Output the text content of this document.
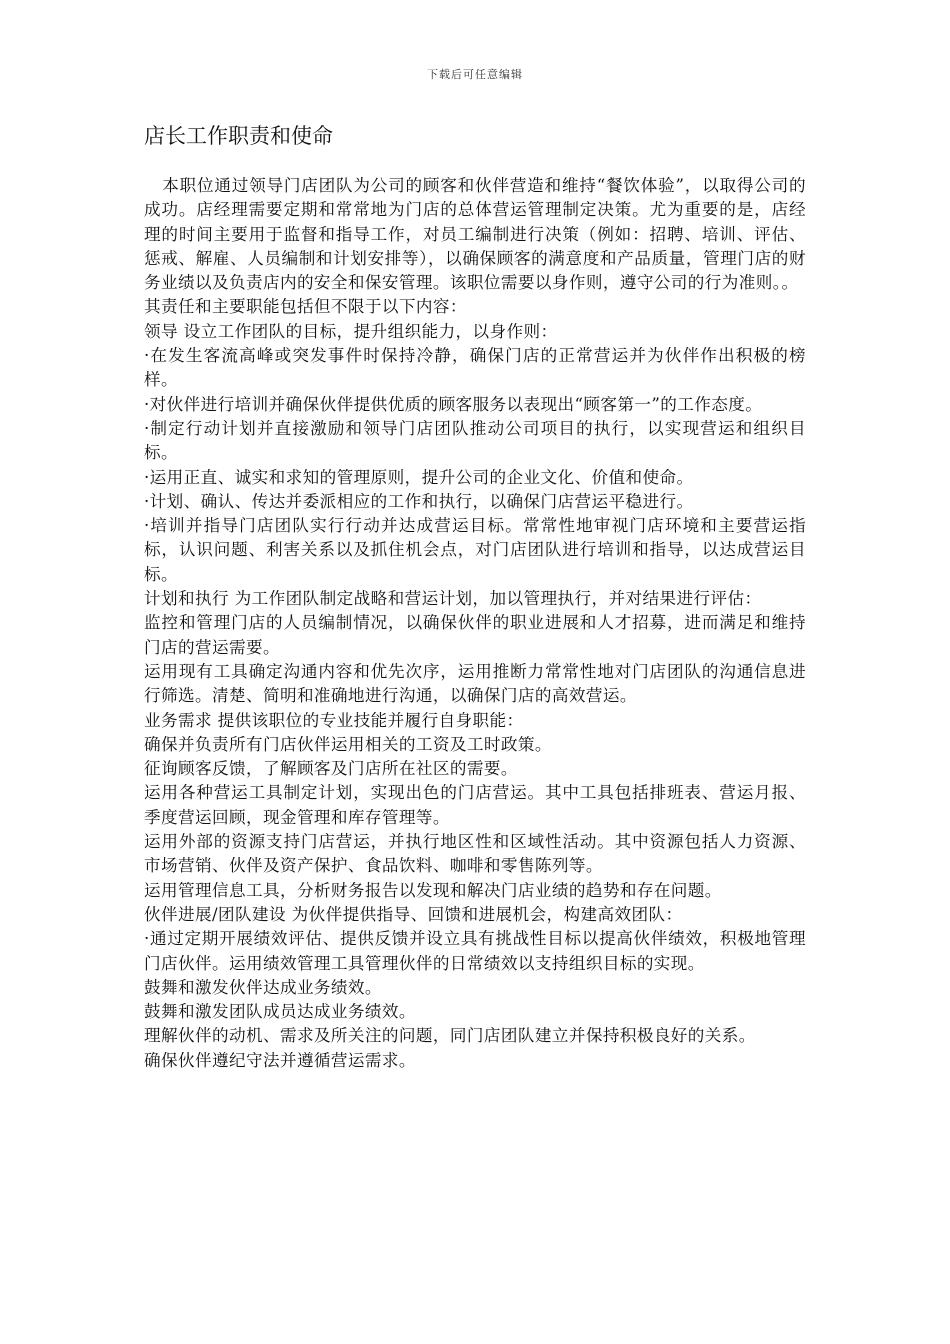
下载后可任意编辑
店长工作职责和使命

本职位通过领导门店团队为公司的顾客和伙伴营造和维持“餐饮体验”，以取得公司的成功。店经理需要定期和常常地为门店的总体营运管理制定决策。尤为重要的是，店经理的时间主要用于监督和指导工作，对员工编制进行决策（例如：招聘、培训、评估、惩戒、解雇、人员编制和计划安排等），以确保顾客的满意度和产品质量，管理门店的财务业绩以及负责店内的安全和保安管理。该职位需要以身作则，遵守公司的行为准则。。

其责任和主要职能包括但不限于以下内容：

领导 设立工作团队的目标，提升组织能力，以身作则：

·在发生客流高峰或突发事件时保持冷静，确保门店的正常营运并为伙伴作出积极的榜样。

·对伙伴进行培训并确保伙伴提供优质的顾客服务以表现出“顾客第一”的工作态度。

·制定行动计划并直接激励和领导门店团队推动公司项目的执行，以实现营运和组织目标。

·运用正直、诚实和求知的管理原则，提升公司的企业文化、价值和使命。

·计划、确认、传达并委派相应的工作和执行，以确保门店营运平稳进行。

·培训并指导门店团队实行行动并达成营运目标。常常性地审视门店环境和主要营运指标，认识问题、利害关系以及抓住机会点，对门店团队进行培训和指导，以达成营运目标。

计划和执行 为工作团队制定战略和营运计划，加以管理执行，并对结果进行评估：

监控和管理门店的人员编制情况，以确保伙伴的职业进展和人才招募，进而满足和维持门店的营运需要。

运用现有工具确定沟通内容和优先次序，运用推断力常常性地对门店团队的沟通信息进行筛选。清楚、简明和准确地进行沟通，以确保门店的高效营运。

业务需求 提供该职位的专业技能并履行自身职能：

确保并负责所有门店伙伴运用相关的工资及工时政策。

征询顾客反馈，了解顾客及门店所在社区的需要。

运用各种营运工具制定计划，实现出色的门店营运。其中工具包括排班表、营运月报、季度营运回顾，现金管理和库存管理等。

运用外部的资源支持门店营运，并执行地区性和区域性活动。其中资源包括人力资源、市场营销、伙伴及资产保护、食品饮料、咖啡和零售陈列等。

运用管理信息工具，分析财务报告以发现和解决门店业绩的趋势和存在问题。

伙伴进展/团队建设 为伙伴提供指导、回馈和进展机会，构建高效团队：

·通过定期开展绩效评估、提供反馈并设立具有挑战性目标以提高伙伴绩效，积极地管理门店伙伴。运用绩效管理工具管理伙伴的日常绩效以支持组织目标的实现。

鼓舞和激发伙伴达成业务绩效。

鼓舞和激发团队成员达成业务绩效。

理解伙伴的动机、需求及所关注的问题，同门店团队建立并保持积极良好的关系。

确保伙伴遵纪守法并遵循营运需求。
